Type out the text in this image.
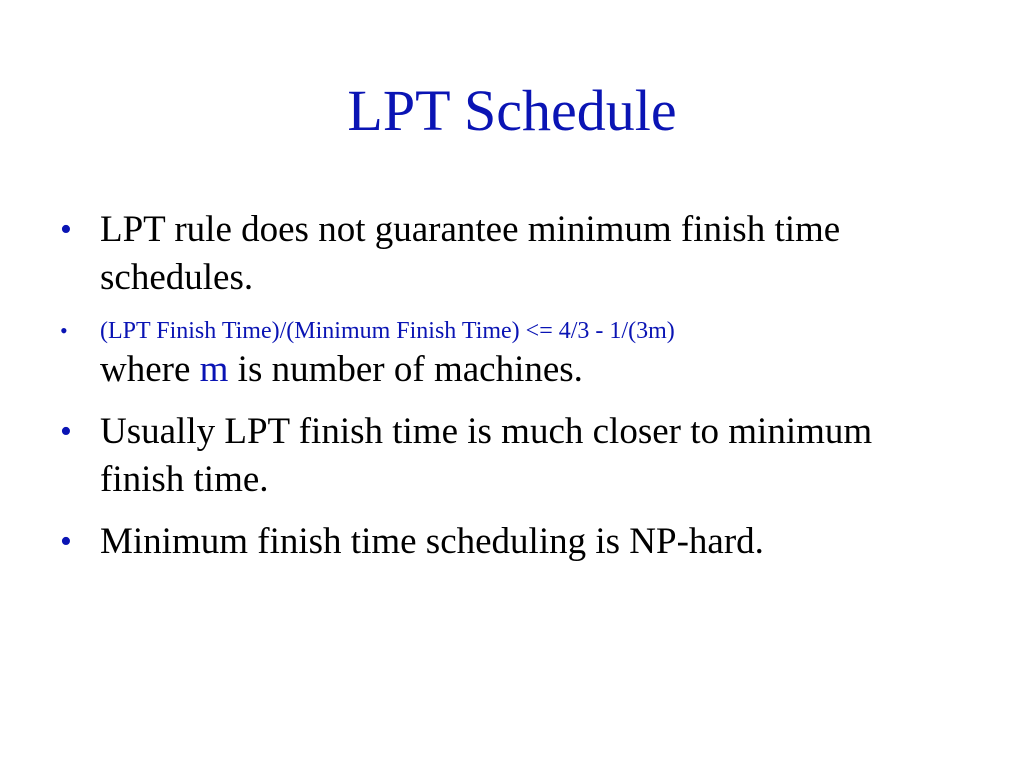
LPT Schedule
• LPT rule does not guarantee minimum finish time schedules.
• (LPT Finish Time)/(Minimum Finish Time) <= 4/3 - 1/(3m)
where m is number of machines.
• Usually LPT finish time is much closer to minimum finish time.
• Minimum finish time scheduling is NP-hard.
